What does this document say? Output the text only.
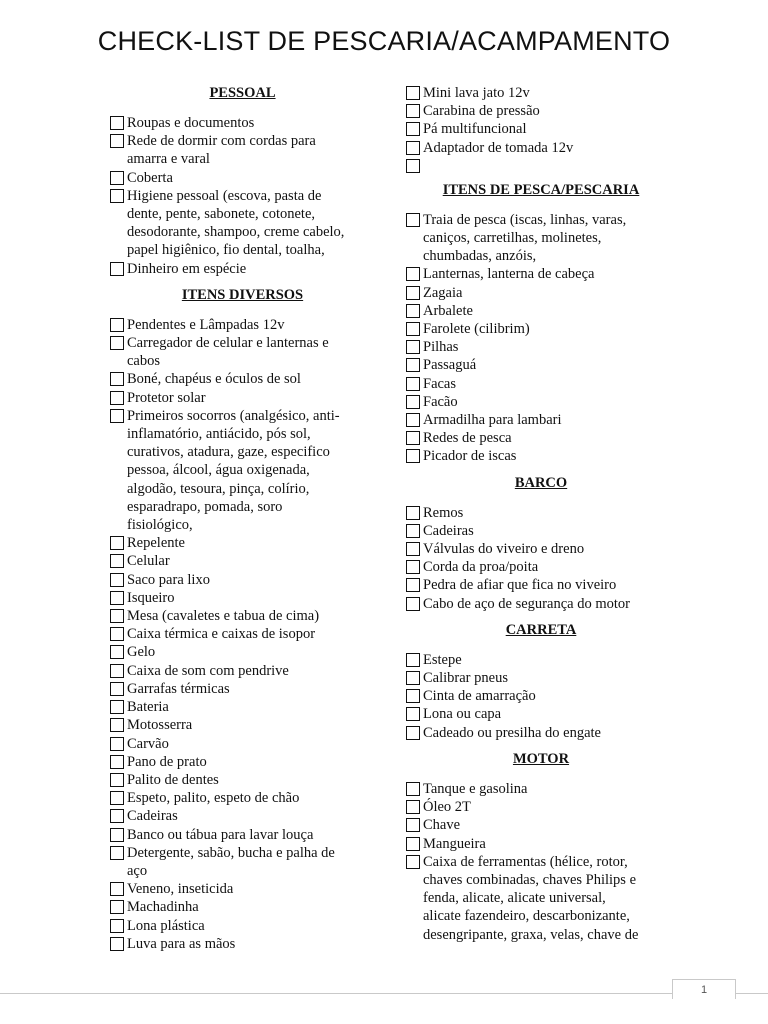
CHECK-LIST DE PESCARIA/ACAMPAMENTO
PESSOAL
Roupas e documentos
Rede de dormir com cordas para
amarra e varal
Coberta
Higiene pessoal (escova, pasta de
dente, pente, sabonete, cotonete,
desodorante, shampoo, creme cabelo,
papel higiênico, fio dental, toalha,
Dinheiro em espécie
ITENS DIVERSOS
Pendentes e Lâmpadas 12v
Carregador de celular e lanternas e
cabos
Boné, chapéus e óculos de sol
Protetor solar
Primeiros socorros (analgésico, anti-
inflamatório, antiácido, pós sol,
curativos, atadura, gaze, especifico
pessoa, álcool, água oxigenada,
algodão, tesoura, pinça, colírio,
esparadrapo, pomada, soro
fisiológico,
Repelente
Celular
Saco para lixo
Isqueiro
Mesa (cavaletes e tabua de cima)
Caixa térmica e caixas de isopor
Gelo
Caixa de som com pendrive
Garrafas térmicas
Bateria
Motosserra
Carvão
Pano de prato
Palito de dentes
Espeto, palito, espeto de chão
Cadeiras
Banco ou tábua para lavar louça
Detergente, sabão, bucha e palha de
aço
Veneno, inseticida
Machadinha
Lona plástica
Luva para as mãos
Mini lava jato 12v
Carabina de pressão
Pá multifuncional
Adaptador de tomada 12v
ITENS DE PESCA/PESCARIA
Traia de pesca (iscas, linhas, varas,
caniços, carretilhas, molinetes,
chumbadas, anzóis,
Lanternas, lanterna de cabeça
Zagaia
Arbalete
Farolete (cilibrim)
Pilhas
Passaguá
Facas
Facão
Armadilha para lambari
Redes de pesca
Picador de iscas
BARCO
Remos
Cadeiras
Válvulas do viveiro e dreno
Corda da proa/poita
Pedra de afiar que fica no viveiro
Cabo de aço de segurança do motor
CARRETA
Estepe
Calibrar pneus
Cinta de amarração
Lona ou capa
Cadeado ou presilha do engate
MOTOR
Tanque e gasolina
Óleo 2T
Chave
Mangueira
Caixa de ferramentas (hélice, rotor,
chaves combinadas, chaves Philips e
fenda, alicate, alicate universal,
alicate fazendeiro, descarbonizante,
desengripante, graxa, velas, chave de
1
